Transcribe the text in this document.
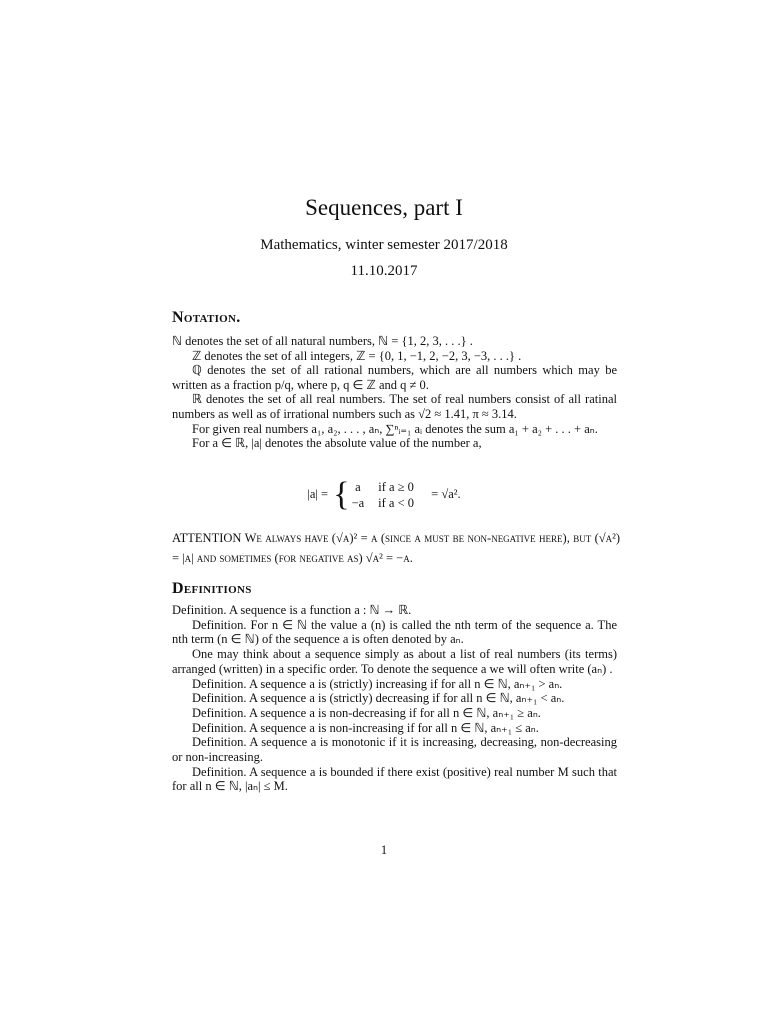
Sequences, part I
Mathematics, winter semester 2017/2018
11.10.2017
Notation.

ℕ denotes the set of all natural numbers, ℕ = {1, 2, 3, . . .} .

ℤ denotes the set of all integers, ℤ = {0, 1, −1, 2, −2, 3, −3, . . .} .

ℚ denotes the set of all rational numbers, which are all numbers which may be written as a fraction p/q, where p, q ∈ ℤ and q ≠ 0.

ℝ denotes the set of all real numbers. The set of real numbers consist of all ratinal numbers as well as of irrational numbers such as √2 ≈ 1.41, π ≈ 3.14.

For given real numbers a₁, a₂, . . . , aₙ, ∑ⁿᵢ₌₁ aᵢ denotes the sum a₁ + a₂ + . . . + aₙ.

For a ∈ ℝ, |a| denotes the absolute value of the number a,

|a| = { a	if a ≥ 0
−a	if a < 0
= √a².
ATTENTION We always have (√a)² = a (since a must be non-negative here), but (√a²) = |a| and sometimes (for negative as) √a² = −a.
Definitions

Definition. A sequence is a function a : ℕ → ℝ.

Definition. For n ∈ ℕ the value a (n) is called the nth term of the sequence a. The nth term (n ∈ ℕ) of the sequence a is often denoted by aₙ.

One may think about a sequence simply as about a list of real numbers (its terms) arranged (written) in a specific order. To denote the sequence a we will often write (aₙ) .

Definition. A sequence a is (strictly) increasing if for all n ∈ ℕ, aₙ₊₁ > aₙ.

Definition. A sequence a is (strictly) decreasing if for all n ∈ ℕ, aₙ₊₁ < aₙ.

Definition. A sequence a is non-decreasing if for all n ∈ ℕ, aₙ₊₁ ≥ aₙ.

Definition. A sequence a is non-increasing if for all n ∈ ℕ, aₙ₊₁ ≤ aₙ.

Definition. A sequence a is monotonic if it is increasing, decreasing, non-decreasing or non-increasing.

Definition. A sequence a is bounded if there exist (positive) real number M such that for all n ∈ ℕ, |aₙ| ≤ M.

1
